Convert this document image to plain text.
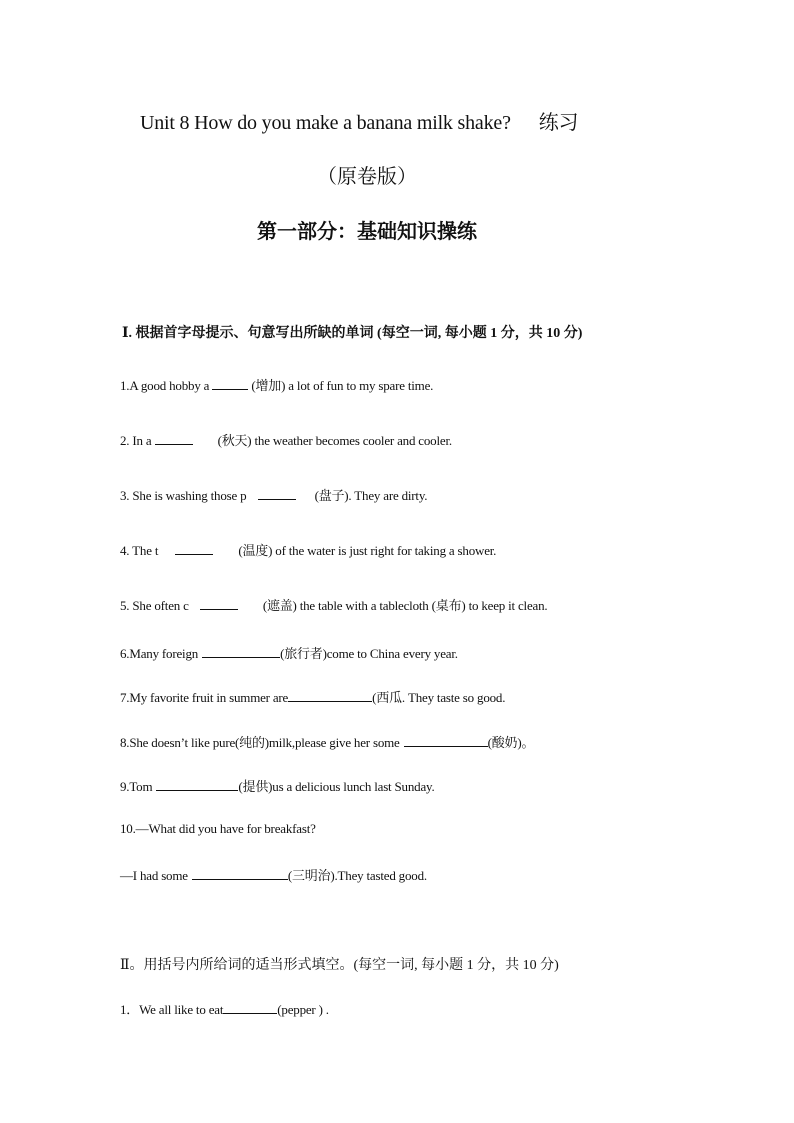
Unit 8 How do you make a banana milk shake? 练习
（原卷版）
第一部分：基础知识操练
Ⅰ. 根据首字母提示、句意写出所缺的单词 (每空一词, 每小题 1 分，共 10 分)
1.A good hobby a	(增加) a lot of fun to my spare time.
2. In a	(秋天) the weather becomes cooler and cooler.
3. She is washing those p	(盘子). They are dirty.
4. The t	(温度) of the water is just right for taking a shower.
5. She often c	(遮盖) the table with a tablecloth (桌布) to keep it clean.
6.Many foreign	(旅行者)come to China every year.
7.My favorite fruit in summer are	(西瓜. They taste so good.
8.She doesn’t like pure(纯的)milk,please give her some	(酸奶)。
9.Tom	(提供)us a delicious lunch last Sunday.
10.—What did you have for breakfast?
—I had some	(三明治).They tasted good.
Ⅱ。用括号内所给词的适当形式填空。(每空一词, 每小题 1 分，共 10 分)
1．We all like to eat	(pepper ) .
